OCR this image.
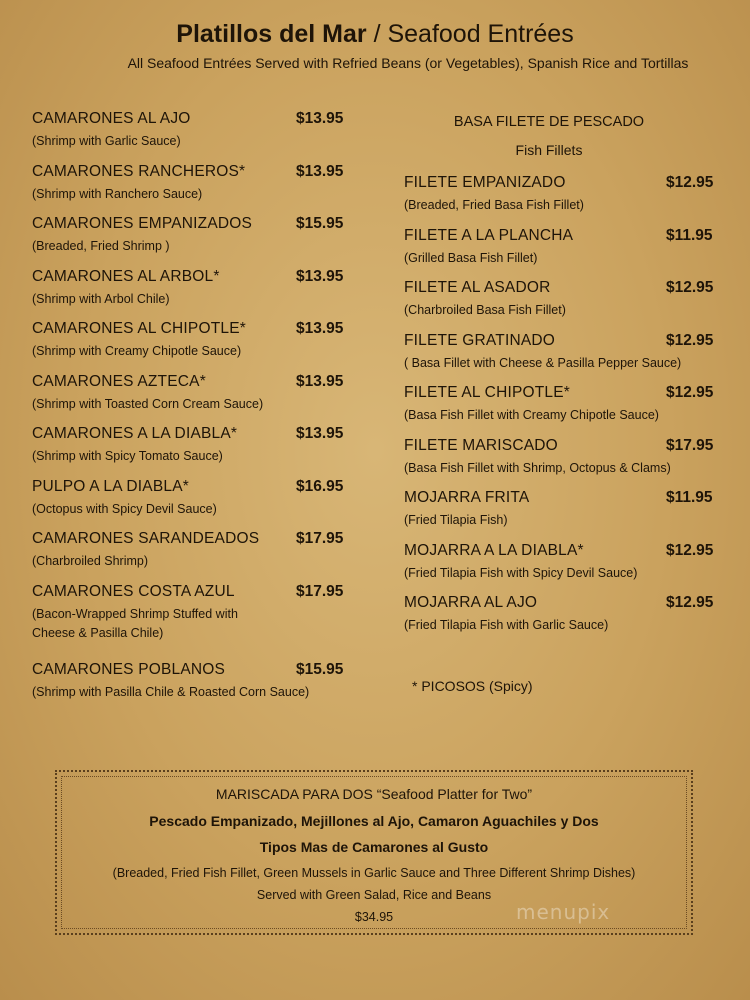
Platillos del Mar / Seafood Entrées
All Seafood Entrées Served with Refried Beans (or Vegetables), Spanish Rice and Tortillas
CAMARONES AL AJO	$13.95
(Shrimp with Garlic Sauce)
CAMARONES RANCHEROS*	$13.95
(Shrimp with Ranchero Sauce)
CAMARONES EMPANIZADOS	$15.95
(Breaded, Fried Shrimp )
CAMARONES AL ARBOL*	$13.95
(Shrimp with Arbol Chile)
CAMARONES AL CHIPOTLE*	$13.95
(Shrimp with Creamy Chipotle Sauce)
CAMARONES AZTECA*	$13.95
(Shrimp with Toasted Corn Cream Sauce)
CAMARONES A LA DIABLA*	$13.95
(Shrimp with Spicy Tomato Sauce)
PULPO A LA DIABLA*	$16.95
(Octopus with Spicy Devil Sauce)
CAMARONES SARANDEADOS $17.95
(Charbroiled Shrimp)
CAMARONES COSTA AZUL	$17.95
(Bacon-Wrapped Shrimp Stuffed with
Cheese & Pasilla Chile)
CAMARONES POBLANOS	$15.95
(Shrimp with Pasilla Chile & Roasted Corn Sauce)
BASA FILETE DE PESCADO
Fish Fillets
FILETE EMPANIZADO	$12.95
(Breaded, Fried Basa Fish Fillet)
FILETE A LA PLANCHA	$11.95
(Grilled Basa Fish Fillet)
FILETE AL ASADOR	$12.95
(Charbroiled Basa Fish Fillet)
FILETE GRATINADO	$12.95
( Basa Fillet with Cheese & Pasilla Pepper Sauce)
FILETE AL CHIPOTLE*	$12.95
(Basa Fish Fillet with Creamy Chipotle Sauce)
FILETE MARISCADO	$17.95
(Basa Fish Fillet with Shrimp, Octopus & Clams)
MOJARRA FRITA	$11.95
(Fried Tilapia Fish)
MOJARRA A LA DIABLA*	$12.95
(Fried Tilapia Fish with Spicy Devil Sauce)
MOJARRA AL AJO	$12.95
(Fried Tilapia Fish with Garlic Sauce)
* PICOSOS (Spicy)
MARISCADA PARA DOS “Seafood Platter for Two”
Pescado Empanizado, Mejillones al Ajo, Camaron Aguachiles y Dos
Tipos Mas de Camarones al Gusto
(Breaded, Fried Fish Fillet, Green Mussels in Garlic Sauce and Three Different Shrimp Dishes)
Served with Green Salad, Rice and Beans
$34.95	menupix
